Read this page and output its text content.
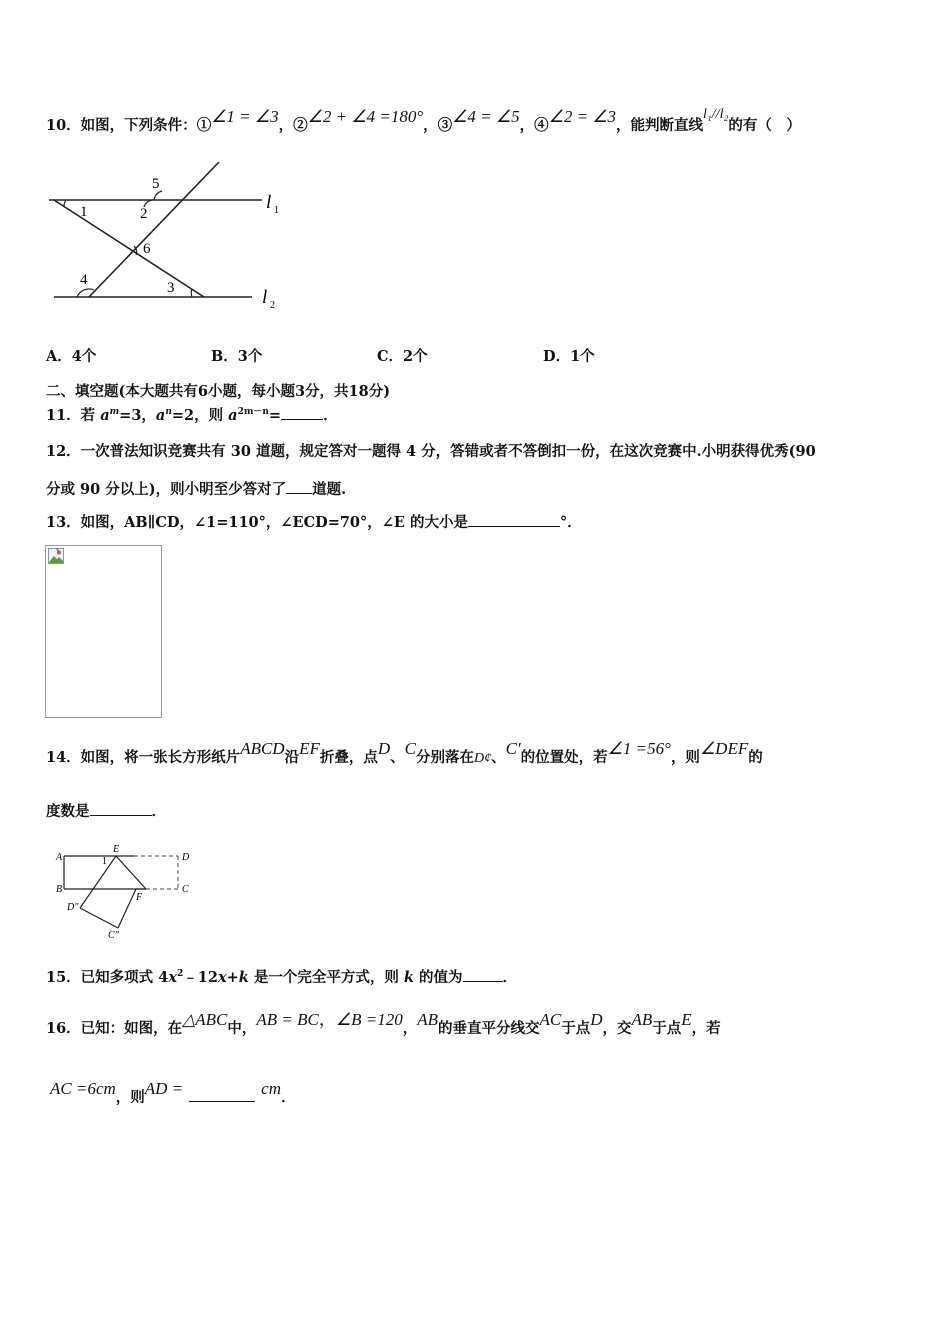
10．如图，下列条件：①∠1 = ∠3，②∠2 + ∠4 =180°，③∠4 = ∠5，④∠2 = ∠3，能判断直线l₁//l₂的有（　）
1	2
3
4
5
6
l 1
l 2
A．4个	B．3个	C．2个	D．1个
二、填空题(本大题共有6小题，每小题3分，共18分)
11．若 $a^m=3$，$a^n=2$，则 $a^{2m-n}=$	．
12．一次普法知识竞赛共有 30 道题，规定答对一题得 4 分，答错或者不答倒扣一份，在这次竞赛中.小明获得优秀(90
分或 90 分以上)，则小明至少答对了 道题.
13．如图，AB∥CD，∠1=110°，∠ECD=70°，∠E 的大小是	°．
14．如图，将一张长方形纸片ABCD沿EF折叠，点D、C分别落在D¢、C′的位置处，若∠1 =56°，则∠DEF的
度数是	．
A
B	C
D
E
F
1
D″
C″
15．已知多项式 $4x^2﹣12x+k$ 是一个完全平方式，则 k 的值为	．
16．已知：如图，在△ABC中，AB = BC，∠B =120，AB的垂直平分线交AC于点D，交AB于点E，若
AC =6cm，则AD =	cm．
